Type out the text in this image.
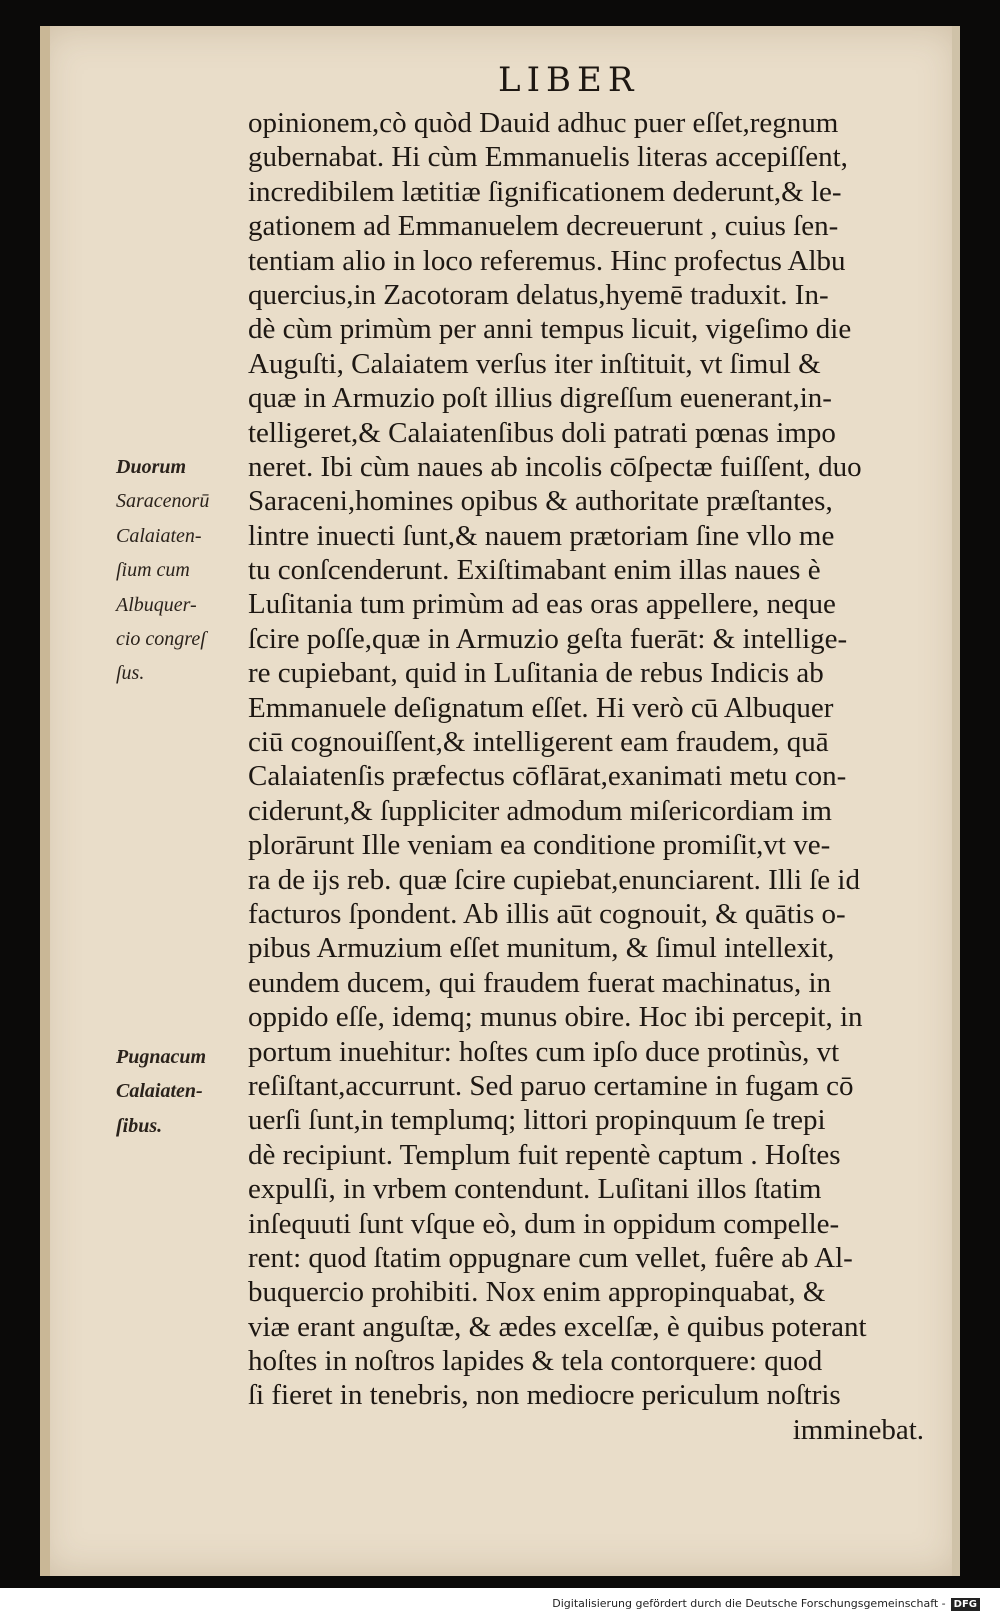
LIBER
Duorum
Saracenorū
Calaiaten-
ſium cum
Albuquer-
cio congreſ
ſus.
Pugnacum
Calaiaten-
ſibus.
opinionem,cò quòd Dauid adhuc puer eſſet,regnum
gubernabat. Hi cùm Emmanuelis literas accepiſſent,
incredibilem lætitiæ ſignificationem dederunt,& le-
gationem ad Emmanuelem decreuerunt , cuius ſen-
tentiam alio in loco referemus. Hinc profectus Albu
quercius,in Zacotoram delatus,hyemē traduxit. In-
dè cùm primùm per anni tempus licuit, vigeſimo die
Auguſti, Calaiatem verſus iter inſtituit, vt ſimul &
quæ in Armuzio poſt illius digreſſum euenerant,in-
telligeret,& Calaiatenſibus doli patrati pœnas impo
neret. Ibi cùm naues ab incolis cōſpectæ fuiſſent, duo
Saraceni,homines opibus & authoritate præſtantes,
lintre inuecti ſunt,& nauem prætoriam ſine vllo me
tu conſcenderunt. Exiſtimabant enim illas naues è
Luſitania tum primùm ad eas oras appellere, neque
ſcire poſſe,quæ in Armuzio geſta fuerāt: & intellige-
re cupiebant, quid in Luſitania de rebus Indicis ab
Emmanuele deſignatum eſſet. Hi verò cū Albuquer
ciū cognouiſſent,& intelligerent eam fraudem, quā
Calaiatenſis præfectus cōflārat,exanimati metu con-
ciderunt,& ſuppliciter admodum miſericordiam im
plorārunt Ille veniam ea conditione promiſit,vt ve-
ra de iјs reb. quæ ſcire cupiebat,enunciarent. Illi ſe id
facturos ſpondent. Ab illis aūt cognouit, & quātis o-
pibus Armuzium eſſet munitum, & ſimul intellexit,
eundem ducem, qui fraudem fuerat machinatus, in
oppido eſſe, idemq; munus obire. Hoc ibi percepit, in
portum inuehitur: hoſtes cum ipſo duce protinùs, vt
reſiſtant,accurrunt. Sed paruo certamine in fugam cō
uerſi ſunt,in templumq; littori propinquum ſe trepi
dè recipiunt. Templum fuit repentè captum . Hoſtes
expulſi, in vrbem contendunt. Luſitani illos ſtatim
inſequuti ſunt vſque eò, dum in oppidum compelle-
rent: quod ſtatim oppugnare cum vellet, fuêre ab Al-
buquercio prohibiti. Nox enim appropinquabat, &
viæ erant anguſtæ, & ædes excelſæ, è quibus poterant
hoſtes in noſtros lapides & tela contorquere: quod
ſi fieret in tenebris, non mediocre periculum noſtris
imminebat.
Digitalisierung gefördert durch die Deutsche Forschungsgemeinschaft - DFG
